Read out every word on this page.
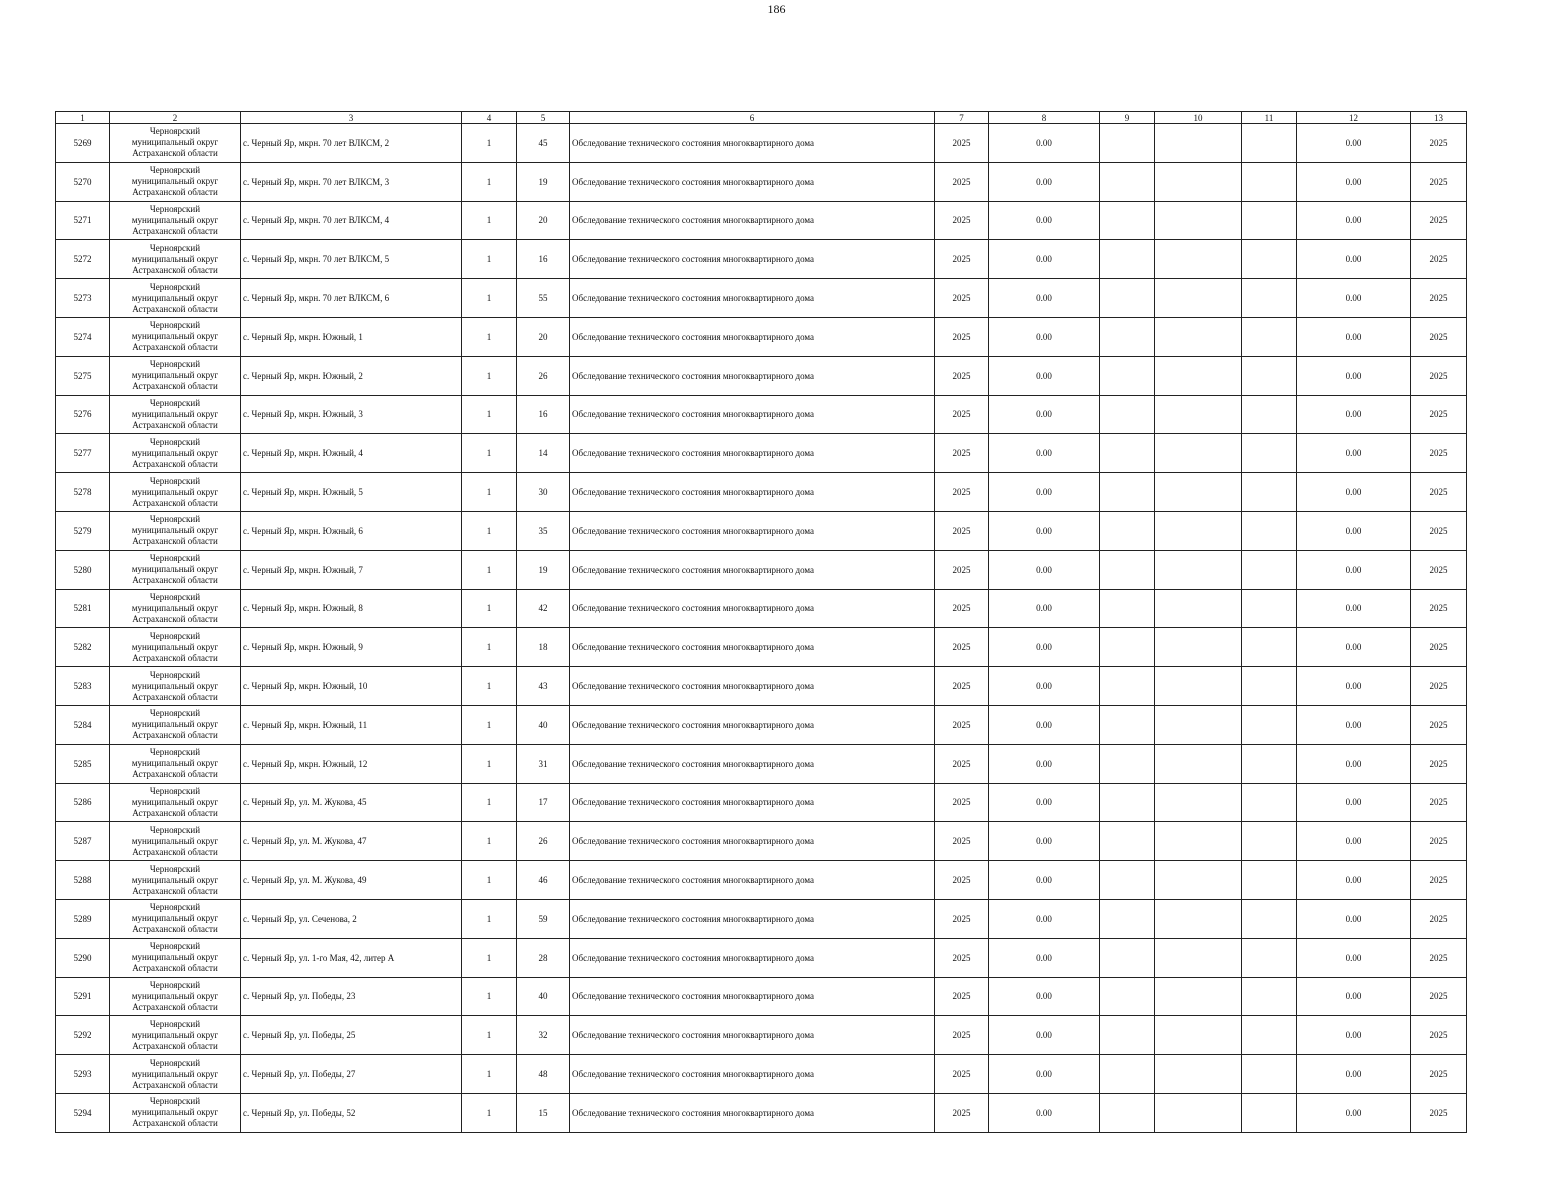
186
1	2	3	4	5	6	7	8	9	10	11	12	13
5269	Черноярский
муниципальный округ
Астраханской области	с. Черный Яр, мкрн. 70 лет ВЛКСМ, 2	1	45	Обследование технического состояния многоквартирного дома	2025	0.00				0.00	2025
5270	Черноярский
муниципальный округ
Астраханской области	с. Черный Яр, мкрн. 70 лет ВЛКСМ, 3	1	19	Обследование технического состояния многоквартирного дома	2025	0.00				0.00	2025
5271	Черноярский
муниципальный округ
Астраханской области	с. Черный Яр, мкрн. 70 лет ВЛКСМ, 4	1	20	Обследование технического состояния многоквартирного дома	2025	0.00				0.00	2025
5272	Черноярский
муниципальный округ
Астраханской области	с. Черный Яр, мкрн. 70 лет ВЛКСМ, 5	1	16	Обследование технического состояния многоквартирного дома	2025	0.00				0.00	2025
5273	Черноярский
муниципальный округ
Астраханской области	с. Черный Яр, мкрн. 70 лет ВЛКСМ, 6	1	55	Обследование технического состояния многоквартирного дома	2025	0.00				0.00	2025
5274	Черноярский
муниципальный округ
Астраханской области	с. Черный Яр, мкрн. Южный, 1	1	20	Обследование технического состояния многоквартирного дома	2025	0.00				0.00	2025
5275	Черноярский
муниципальный округ
Астраханской области	с. Черный Яр, мкрн. Южный, 2	1	26	Обследование технического состояния многоквартирного дома	2025	0.00				0.00	2025
5276	Черноярский
муниципальный округ
Астраханской области	с. Черный Яр, мкрн. Южный, 3	1	16	Обследование технического состояния многоквартирного дома	2025	0.00				0.00	2025
5277	Черноярский
муниципальный округ
Астраханской области	с. Черный Яр, мкрн. Южный, 4	1	14	Обследование технического состояния многоквартирного дома	2025	0.00				0.00	2025
5278	Черноярский
муниципальный округ
Астраханской области	с. Черный Яр, мкрн. Южный, 5	1	30	Обследование технического состояния многоквартирного дома	2025	0.00				0.00	2025
5279	Черноярский
муниципальный округ
Астраханской области	с. Черный Яр, мкрн. Южный, 6	1	35	Обследование технического состояния многоквартирного дома	2025	0.00				0.00	2025
5280	Черноярский
муниципальный округ
Астраханской области	с. Черный Яр, мкрн. Южный, 7	1	19	Обследование технического состояния многоквартирного дома	2025	0.00				0.00	2025
5281	Черноярский
муниципальный округ
Астраханской области	с. Черный Яр, мкрн. Южный, 8	1	42	Обследование технического состояния многоквартирного дома	2025	0.00				0.00	2025
5282	Черноярский
муниципальный округ
Астраханской области	с. Черный Яр, мкрн. Южный, 9	1	18	Обследование технического состояния многоквартирного дома	2025	0.00				0.00	2025
5283	Черноярский
муниципальный округ
Астраханской области	с. Черный Яр, мкрн. Южный, 10	1	43	Обследование технического состояния многоквартирного дома	2025	0.00				0.00	2025
5284	Черноярский
муниципальный округ
Астраханской области	с. Черный Яр, мкрн. Южный, 11	1	40	Обследование технического состояния многоквартирного дома	2025	0.00				0.00	2025
5285	Черноярский
муниципальный округ
Астраханской области	с. Черный Яр, мкрн. Южный, 12	1	31	Обследование технического состояния многоквартирного дома	2025	0.00				0.00	2025
5286	Черноярский
муниципальный округ
Астраханской области	с. Черный Яр, ул. М. Жукова, 45	1	17	Обследование технического состояния многоквартирного дома	2025	0.00				0.00	2025
5287	Черноярский
муниципальный округ
Астраханской области	с. Черный Яр, ул. М. Жукова, 47	1	26	Обследование технического состояния многоквартирного дома	2025	0.00				0.00	2025
5288	Черноярский
муниципальный округ
Астраханской области	с. Черный Яр, ул. М. Жукова, 49	1	46	Обследование технического состояния многоквартирного дома	2025	0.00				0.00	2025
5289	Черноярский
муниципальный округ
Астраханской области	с. Черный Яр, ул. Сеченова, 2	1	59	Обследование технического состояния многоквартирного дома	2025	0.00				0.00	2025
5290	Черноярский
муниципальный округ
Астраханской области	с. Черный Яр, ул. 1-го Мая, 42, литер А	1	28	Обследование технического состояния многоквартирного дома	2025	0.00				0.00	2025
5291	Черноярский
муниципальный округ
Астраханской области	с. Черный Яр, ул. Победы, 23	1	40	Обследование технического состояния многоквартирного дома	2025	0.00				0.00	2025
5292	Черноярский
муниципальный округ
Астраханской области	с. Черный Яр, ул. Победы, 25	1	32	Обследование технического состояния многоквартирного дома	2025	0.00				0.00	2025
5293	Черноярский
муниципальный округ
Астраханской области	с. Черный Яр, ул. Победы, 27	1	48	Обследование технического состояния многоквартирного дома	2025	0.00				0.00	2025
5294	Черноярский
муниципальный округ
Астраханской области	с. Черный Яр, ул. Победы, 52	1	15	Обследование технического состояния многоквартирного дома	2025	0.00				0.00	2025
